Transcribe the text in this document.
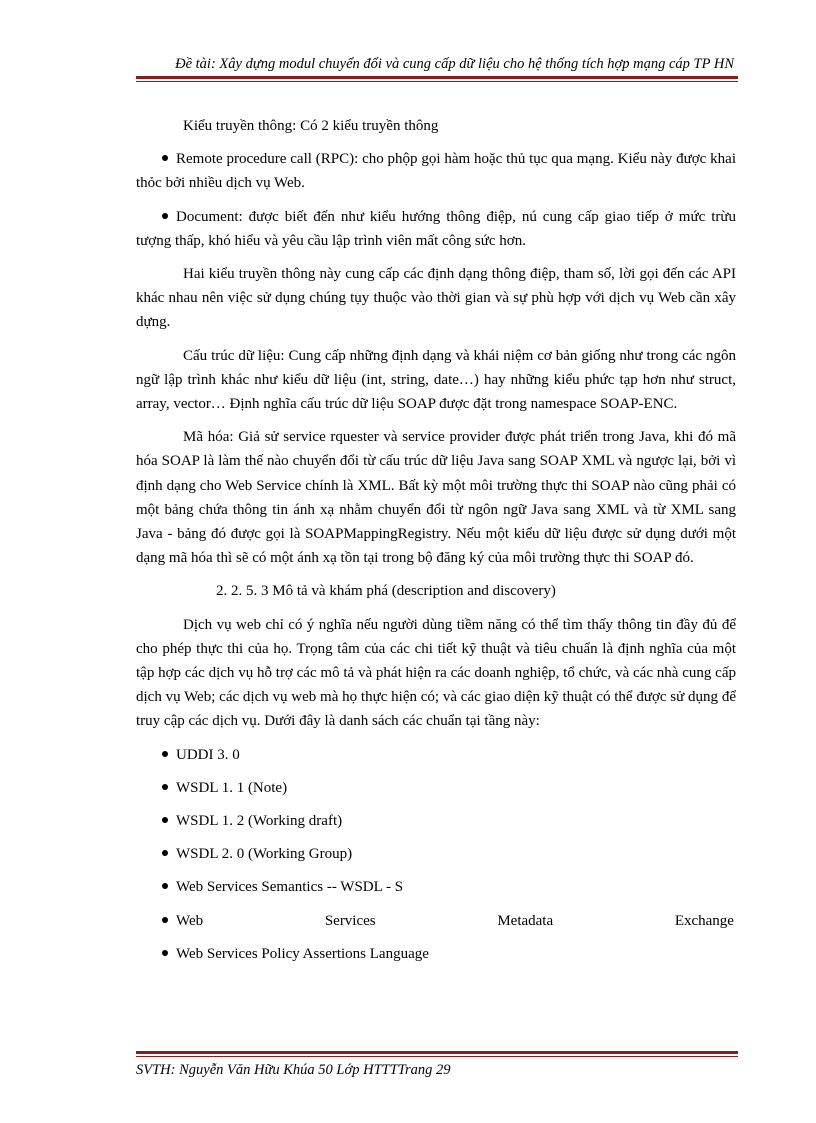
Đề tài: Xây dựng modul chuyển đổi và cung cấp dữ liệu cho hệ thống tích hợp mạng cáp TP HN

Kiểu truyền thông: Có 2 kiểu truyền thông

Remote procedure call (RPC): cho phộp gọi hàm hoặc thủ tục qua mạng. Kiểu này được khai thỏc bởi nhiều dịch vụ Web.

Document: được biết đến như kiểu hướng thông điệp, nú cung cấp giao tiếp ở mức trừu tượng thấp, khó hiểu và yêu cầu lập trình viên mất công sức hơn.

Hai kiểu truyền thông này cung cấp các định dạng thông điệp, tham số, lời gọi đến các API khác nhau nên việc sử dụng chúng tụy thuộc vào thời gian và sự phù hợp với dịch vụ Web cần xây dựng.

Cấu trúc dữ liệu: Cung cấp những định dạng và khái niệm cơ bản giống như trong các ngôn ngữ lập trình khác như kiểu dữ liệu (int, string, date…) hay những kiểu phức tạp hơn như struct, array, vector… Định nghĩa cấu trúc dữ liệu SOAP được đặt trong namespace SOAP-ENC.

Mã hóa: Giả sử service rquester và service provider được phát triển trong Java, khi đó mã hóa SOAP là làm thế nào chuyển đổi từ cấu trúc dữ liệu Java sang SOAP XML và ngược lại, bởi vì định dạng cho Web Service chính là XML. Bất kỳ một môi trường thực thi SOAP nào cũng phải có một bảng chứa thông tin ánh xạ nhằm chuyển đổi từ ngôn ngữ Java sang XML và từ XML sang Java - bảng đó được gọi là SOAPMappingRegistry. Nếu một kiểu dữ liệu được sử dụng dưới một dạng mã hóa thì sẽ có một ánh xạ tồn tại trong bộ đăng ký của môi trường thực thi SOAP đó.

2. 2. 5. 3 Mô tả và khám phá (description and discovery)

Dịch vụ web chỉ có ý nghĩa nếu người dùng tiềm năng có thể tìm thấy thông tin đầy đủ để cho phép thực thi của họ. Trọng tâm của các chi tiết kỹ thuật và tiêu chuẩn là định nghĩa của một tập hợp các dịch vụ hỗ trợ các mô tả và phát hiện ra các doanh nghiệp, tổ chức, và các nhà cung cấp dịch vụ Web; các dịch vụ web mà họ thực hiện có; và các giao diện kỹ thuật có thể được sử dụng để truy cập các dịch vụ. Dưới đây là danh sách các chuẩn tại tầng này:

UDDI 3. 0
WSDL 1. 1 (Note)
WSDL 1. 2 (Working draft)
WSDL 2. 0 (Working Group)
Web Services Semantics -- WSDL - S
Web	Services	Metadata	Exchange
Web Services Policy Assertions Language
SVTH: Nguyễn Văn Hữu Khúa 50 Lớp HTTTTrang 29
